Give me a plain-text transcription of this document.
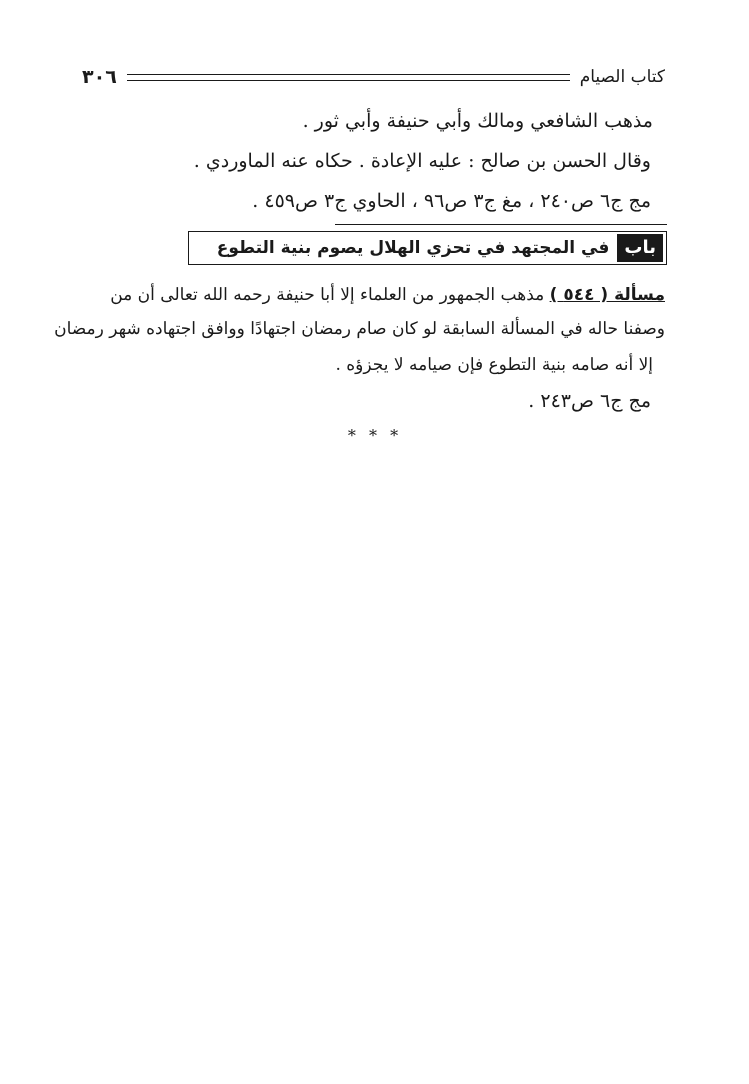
٣٠٦	كتاب الصيام
مذهب الشافعي ومالك وأبي حنيفة وأبي ثور .
وقال الحسن بن صالح : عليه الإعادة . حكاه عنه الماوردي .
مج ج٦ ص٢٤٠ ، مغ ج٣ ص٩٦ ، الحاوي ج٣ ص٤٥٩ .
باب
في المجتهد في تحزي الهلال يصوم بنية التطوع
مسألة ( ٥٤٤ ) مذهب الجمهور من العلماء إلا أبا حنيفة رحمه الله تعالى أن من
وصفنا حاله في المسألة السابقة لو كان صام رمضان اجتهادًا ووافق اجتهاده شهر رمضان
إلا أنه صامه بنية التطوع فإن صيامه لا يجزؤه .
مج ج٦ ص٢٤٣ .
* * *
